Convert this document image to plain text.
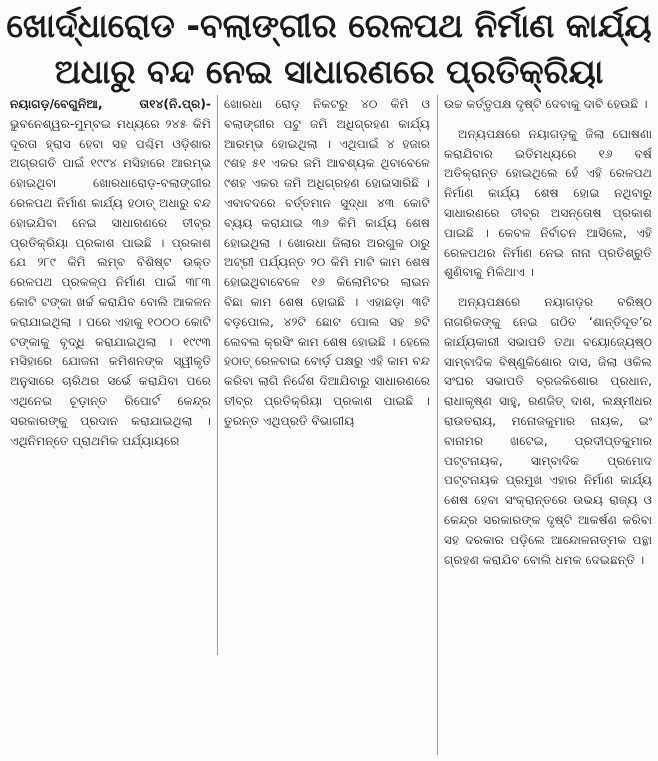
ଖୋର୍ଦ୍ଧାରୋଡ -ବଲାଙ୍ଗୀର ରେଳପଥ ନିର୍ମାଣ କାର୍ଯ୍ୟ
ଅଧାରୁ ବନ୍ଦ ନେଇ ସାଧାରଣରେ ପ୍ରତିକ୍ରିୟା

ନୟାଗଡ଼/ବେଗୁନିଆ, ତା୧୪(ନି.ପ୍ର)-ଭୁବନେଶ୍ୱର-ମୁମ୍ବଇ ମଧ୍ୟରେ ୨୪୫ କିମି ଦୂରତା ହ୍ରାସ ହେବା ସହ ପଶ୍ଚିମ ଓଡ଼ିଶାର ଅଗ୍ରଗତି ପାଇଁ ୧୯୯୪ ମସିହାରେ ଆରମ୍ଭ ହୋଇଥିବା ଖୋରଧାରୋଡ଼-ବଲାଙ୍ଗୀର ରେଳପଥ ନିର୍ମାଣ କାର୍ଯ୍ୟ ହଠାତ୍ ଅଧାରୁ ବନ୍ଦ ହୋଇଯିବା ନେଇ ସାଧାରଣରେ ତୀବ୍ର ପ୍ରତିକ୍ରିୟା ପ୍ରକାଶ ପାଇଛି । ପ୍ରକାଶ ଯେ ୨୮୯ କିମି ଲମ୍ବ ବିଶିଷ୍ଟ ଉକ୍ତ ରେଳପଥ ପ୍ରକଳ୍ପ ନିର୍ମାଣ ପାଇଁ ୩୮୩ କୋଟି ଟଙ୍କା ଖର୍ଚ୍ଚ କରାଯିବ ବୋଲି ଆକଳନ କରାଯାଇଥିଲା । ପରେ ଏହାକୁ ୧୦୦୦ କୋଟି ଟଙ୍କାକୁ ବୃଦ୍ଧି କରାଯାଇଥିଲା । ୧୯୯୩ ମସିହାରେ ଯୋଜନା କମିଶନଙ୍କ ସ୍ୱୀକୃତି ଅନୁସାରେ ଚାରିଥର ସର୍ଭେ କରାଯିବା ପରେ ଏଥିନେଇ ଚୂଡ଼ାନ୍ତ ରିପୋର୍ଟ କେନ୍ଦ୍ର ସରକାରଙ୍କୁ ପ୍ରଦାନ କରାଯାଇଥିଲା । ଏଥିନିମନ୍ତେ ପ୍ରାଥମିକ ପର୍ଯ୍ୟାୟରେ

ଖୋରଧା ରୋଡ଼ ନିକଟରୁ ୪୦ କିମି ଓ ବଲାଙ୍ଗୀର ପଟୁ ଜମି ଅଧିଗ୍ରହଣ କାର୍ଯ୍ୟ ଆରମ୍ଭ ହୋଇଥିଲା । ଏଥିପାଇଁ ୪ ହଜାର ୯ଶହ ୫୧ ଏକର ଜମି ଆବଶ୍ୟକ ଥିବାବେଳେ ୯ଶହ ଏକର ଜମି ଅଧିଗ୍ରହଣ ହୋଇସାରିଛି । ଏବାବଦରେ ବର୍ତ୍ତମାନ ସୁଦ୍ଧା ୪୩ କୋଟି ବ୍ୟୟ କରାଯାଇ ୩୬ କିମି କାର୍ଯ୍ୟ ଶେଷ ହୋଇଥିଲା । ଖୋରଧା ଜିଲାର ଅରଗୁଳ ଠାରୁ ଅଟ୍ରୀ ପର୍ଯ୍ୟନ୍ତ ୨୦ କିମି ମାଟି କାମ ଶେଷ ହୋଇଥିବାବେଳେ ୧୬ କିଲୋମିଟର ଲାଇନ ବିଛା କାମ ଶେଷ ହୋଇଛି । ଏହାଛଡ଼ା ୩ଟି ବଡ଼ପୋଲ, ୪୨ଟି ଛୋଟ ପୋଲ ସହ ୭ଟି ଲେବଲ କ୍ରସିଂ କାମ ଶେଷ ହୋଇଛି । ହେଲେ ହଠାତ୍ ରେଳବାଇ ବୋର୍ଡ଼ ପକ୍ଷରୁ ଏହି କାମ ବନ୍ଦ କରିବା ଲାଗି ନିର୍ଦ୍ଦେଶ ଦିଆଯିବାରୁ ସାଧାରଣରେ ତୀବ୍ର ପ୍ରତିକ୍ରିୟା ପ୍ରକାଶ ପାଇଛି । ତୁରନ୍ତ ଏଥିପ୍ରତି ବିଭାଗୀୟ

ଉଚ୍ଚ କର୍ତ୍ତୃପକ୍ଷ ଦୃଷ୍ଟି ଦେବାକୁ ଦାବି ହେଉଛି ।

ଅନ୍ୟପକ୍ଷରେ ନୟାଗଡ଼କୁ ଜିଲା ଘୋଷଣା କରାଯିବାର ଇତିମଧ୍ୟରେ ୧୬ ବର୍ଷ ଅତିକ୍ରାନ୍ତ ହୋଇଥିଲେ ହେଁ ଏହି ରେଳପଥ ନିର୍ମାଣ କାର୍ଯ୍ୟ ଶେଷ ହୋଇ ନଥିବାରୁ ସାଧାରଣରେ ତୀବ୍ର ଅସନ୍ତୋଷ ପ୍ରକାଶ ପାଇଛି । କେବଳ ନିର୍ବାଚନ ଆସିଲେ, ଏହି ରେଳପଥର ନିର୍ମାଣ ନେଇ ନାନା ପ୍ରତିଶ୍ରୁତି ଶୁଣିବାକୁ ମିଳିଥାଏ ।

ଅନ୍ୟପକ୍ଷରେ ନୟାଗଡ଼ର ବରିଷ୍ଠ ନାଗରିକଙ୍କୁ ନେଇ ଗଠିତ ‘ଶାନ୍ତିଦୂତ’ର କାର୍ଯ୍ୟକାରୀ ସଭାପତି ତଥା ବୟୋଜ୍ୟେଷ୍ଠ ସାମ୍ବାଦିକ ବିଷ୍ଣୁକିଶୋର ଦାସ, ଜିଲା ଓକିଲ ସଂଘର ସଭାପତି ବ୍ରଜକିଶୋର ପ୍ରଧାନ, ରାଧାକୃଷ୍ଣ ସାହୁ, ରଣଜିତ୍ ଦାଶ, ଲକ୍ଷ୍ମୀଧର ରାଉତରାୟ, ମନୋଜକୁମାର ନାୟକ, ଇଂ ବାନାମର ଖଟେଇ, ପ୍ରଦୀପ୍ତକୁମାର ପଟ୍ଟନାୟକ, ସାମ୍ବାଦିକ ପ୍ରମୋଦ ପଟ୍ଟନାୟକ ପ୍ରମୁଖ ଏହାର ନିର୍ମାଣ କାର୍ଯ୍ୟ ଶେଷ ହେବା ସଂକ୍ରାନ୍ତରେ ଉଭୟ ରାଜ୍ୟ ଓ କେନ୍ଦ୍ର ସରକାରଙ୍କ ଦୃଷ୍ଟି ଆକର୍ଷଣ କରିବା ସହ ଦରକାର ପଡ଼ିଲେ ଆନ୍ଦୋଳନାତ୍ମକ ପନ୍ଥା ଗ୍ରହଣ କରାଯିବ ବୋଲି ଧମକ ଦେଇଛନ୍ତି ।
